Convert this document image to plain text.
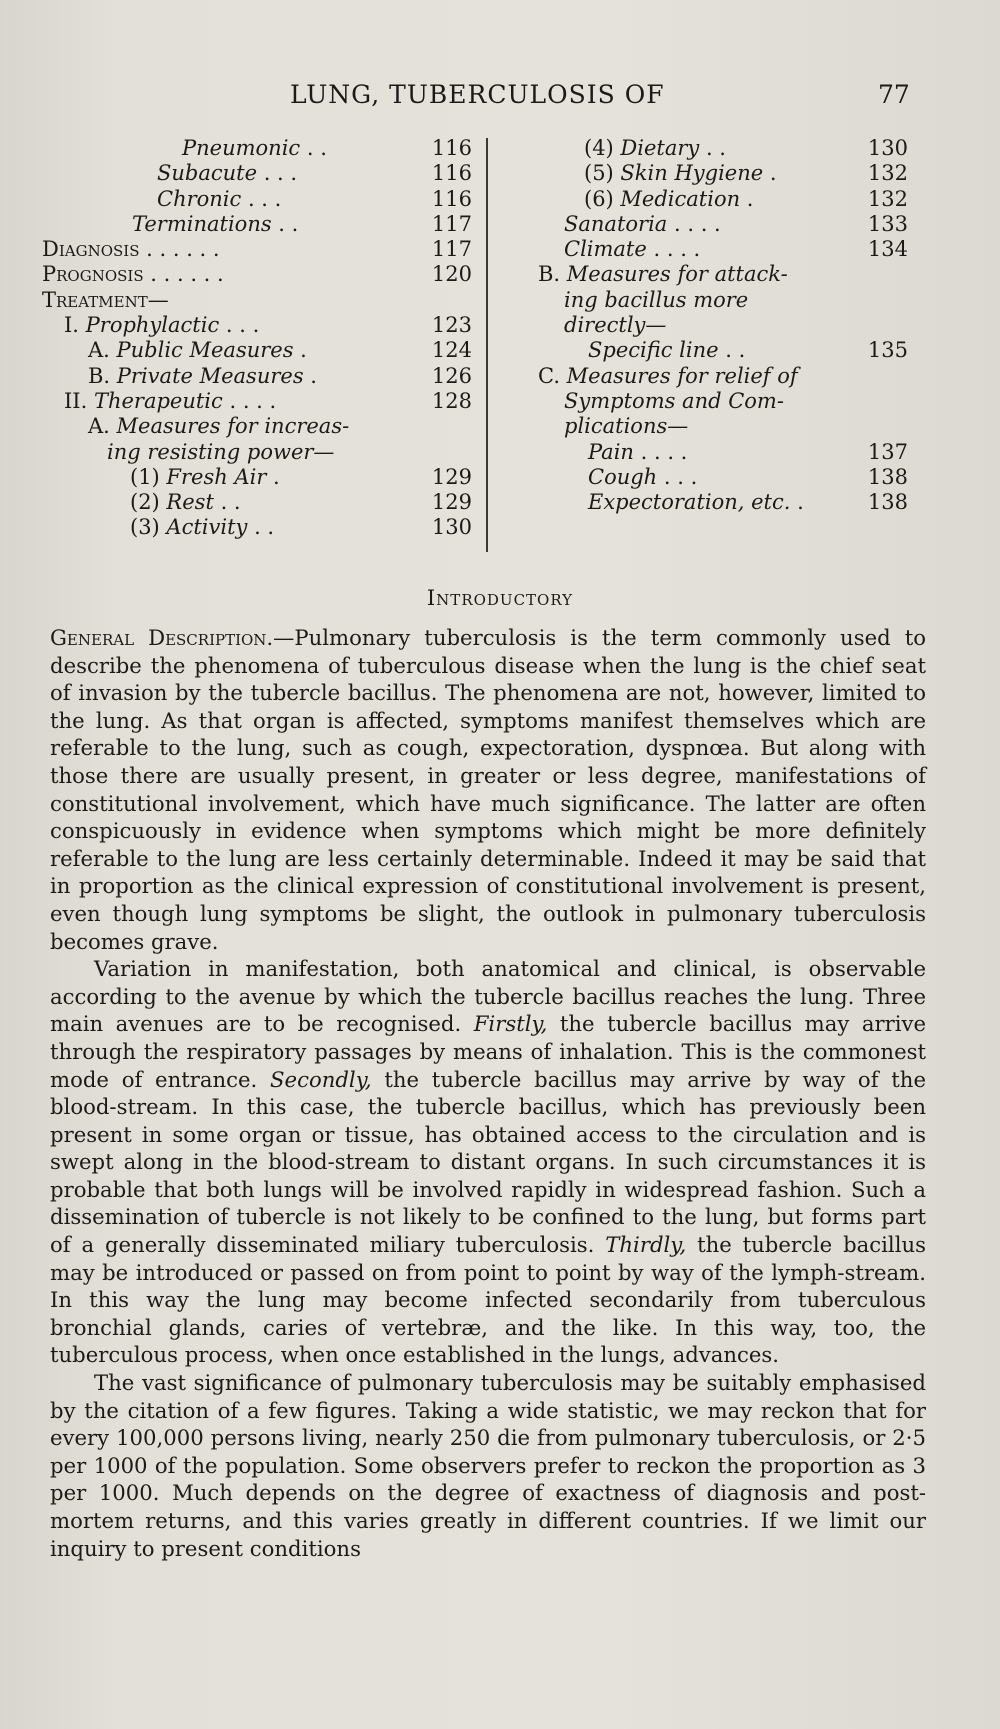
LUNG, TUBERCULOSIS OF	77
Pneumonic . .	116
Subacute . . .	116
Chronic . . .	116
Terminations . .	117
Diagnosis . . . . . .	117
Prognosis . . . . . .	120
Treatment—
I. Prophylactic . . .	123
A. Public Measures .	124
B. Private Measures .	126
II. Therapeutic . . . .	128
A. Measures for increas-
ing resisting power—
(1) Fresh Air .	129
(2) Rest . .	129
(3) Activity . .	130
(4) Dietary . .	130
(5) Skin Hygiene .	132
(6) Medication .	132
Sanatoria . . . .	133
Climate . . . .	134
B. Measures for attack-
ing bacillus more
directly—
Specific line . .	135
C. Measures for relief of
Symptoms and Com-
plications—
Pain . . . .	137
Cough . . .	138
Expectoration, etc. .	138
Introductory

General Description.—Pulmonary tuberculosis is the term commonly used to describe the phenomena of tuberculous disease when the lung is the chief seat of invasion by the tubercle bacillus. The phenomena are not, however, limited to the lung. As that organ is affected, symptoms manifest themselves which are referable to the lung, such as cough, expectoration, dyspnœa. But along with those there are usually present, in greater or less degree, manifestations of constitutional involvement, which have much significance. The latter are often conspicuously in evidence when symptoms which might be more definitely referable to the lung are less certainly determinable. Indeed it may be said that in proportion as the clinical expression of constitutional involvement is present, even though lung symptoms be slight, the outlook in pulmonary tuberculosis becomes grave.

Variation in manifestation, both anatomical and clinical, is observable according to the avenue by which the tubercle bacillus reaches the lung. Three main avenues are to be recognised. Firstly, the tubercle bacillus may arrive through the respiratory passages by means of inhalation. This is the commonest mode of entrance. Secondly, the tubercle bacillus may arrive by way of the blood-stream. In this case, the tubercle bacillus, which has previously been present in some organ or tissue, has obtained access to the circulation and is swept along in the blood-stream to distant organs. In such circumstances it is probable that both lungs will be involved rapidly in widespread fashion. Such a dissemination of tubercle is not likely to be confined to the lung, but forms part of a generally disseminated miliary tuberculosis. Thirdly, the tubercle bacillus may be introduced or passed on from point to point by way of the lymph-stream. In this way the lung may become infected secondarily from tuberculous bronchial glands, caries of vertebræ, and the like. In this way, too, the tuberculous process, when once established in the lungs, advances.

The vast significance of pulmonary tuberculosis may be suitably emphasised by the citation of a few figures. Taking a wide statistic, we may reckon that for every 100,000 persons living, nearly 250 die from pulmonary tuberculosis, or 2·5 per 1000 of the population. Some observers prefer to reckon the proportion as 3 per 1000. Much depends on the degree of exactness of diagnosis and post-mortem returns, and this varies greatly in different countries. If we limit our inquiry to present conditions
